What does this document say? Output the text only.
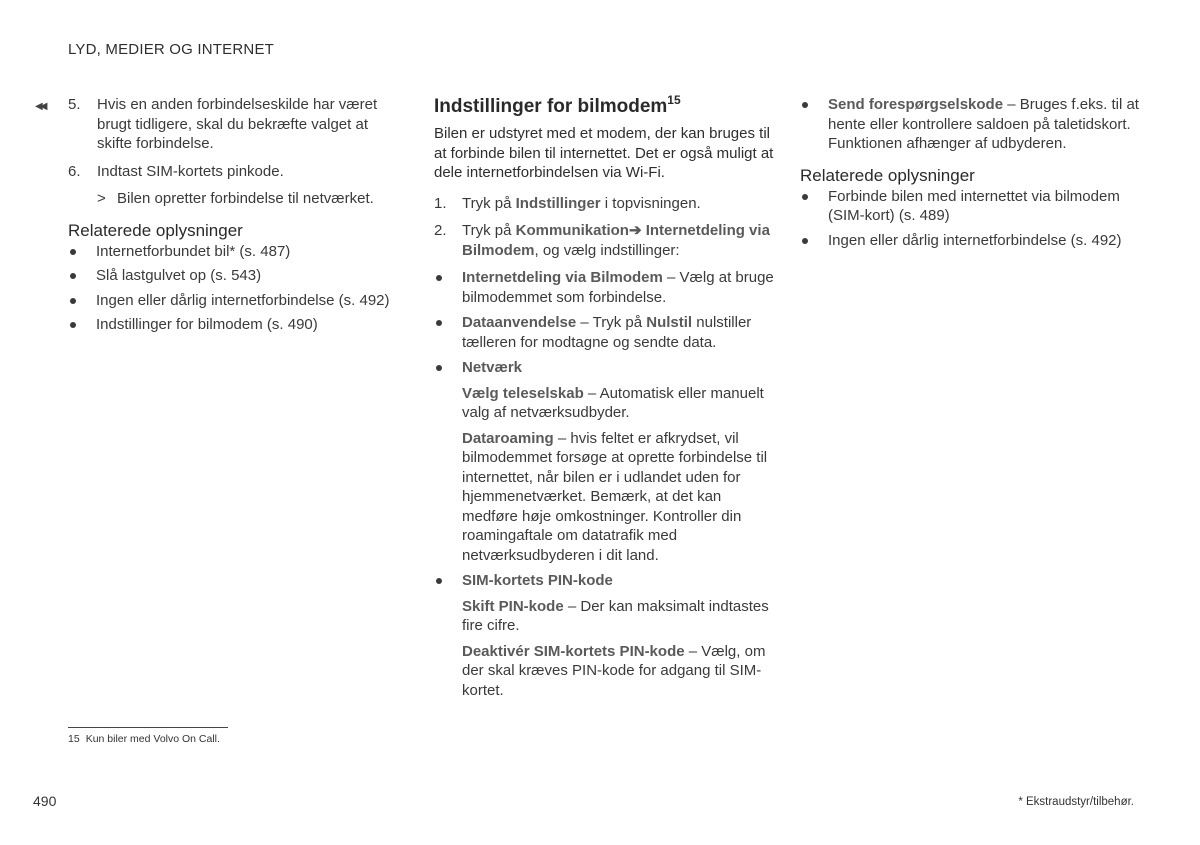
LYD, MEDIER OG INTERNET
◀◀ 5. Hvis en anden forbindelseskilde har været brugt tidligere, skal du bekræfte valget at skifte forbindelse.
6. Indtast SIM-kortets pinkode.
> Bilen opretter forbindelse til netværket.
Relaterede oplysninger
Internetforbundet bil* (s. 487)
Slå lastgulvet op (s. 543)
Ingen eller dårlig internetforbindelse (s. 492)
Indstillinger for bilmodem (s. 490)
Indstillinger for bilmodem$^{15}$

Bilen er udstyret med et modem, der kan bruges til at forbinde bilen til internettet. Det er også muligt at dele internetforbindelsen via Wi-Fi.

1. Tryk på Indstillinger i topvisningen.
2. Tryk på Kommunikation➔ Internetdeling via Bilmodem, og vælg indstillinger:
Internetdeling via Bilmodem – Vælg at bruge bilmodemmet som forbindelse.
Dataanvendelse – Tryk på Nulstil nulstiller tælleren for modtagne og sendte data.
Netværk
Vælg teleselskab – Automatisk eller manuelt valg af netværksudbyder.
Dataroaming – hvis feltet er afkrydset, vil bilmodemmet forsøge at oprette forbindelse til internettet, når bilen er i udlandet uden for hjemmenetværket. Bemærk, at det kan medføre høje omkostninger. Kontroller din roamingaftale om datatrafik med netværksudbyderen i dit land.
SIM-kortets PIN-kode
Skift PIN-kode – Der kan maksimalt indtastes fire cifre.
Deaktivér SIM-kortets PIN-kode – Vælg, om der skal kræves PIN-kode for adgang til SIM-kortet.
Send forespørgselskode – Bruges f.eks. til at hente eller kontrollere saldoen på taletidskort. Funktionen afhænger af udbyderen.
Relaterede oplysninger
Forbinde bilen med internettet via bilmodem (SIM-kort) (s. 489)
Ingen eller dårlig internetforbindelse (s. 492)
15 Kun biler med Volvo On Call.
490	* Ekstraudstyr/tilbehør.
